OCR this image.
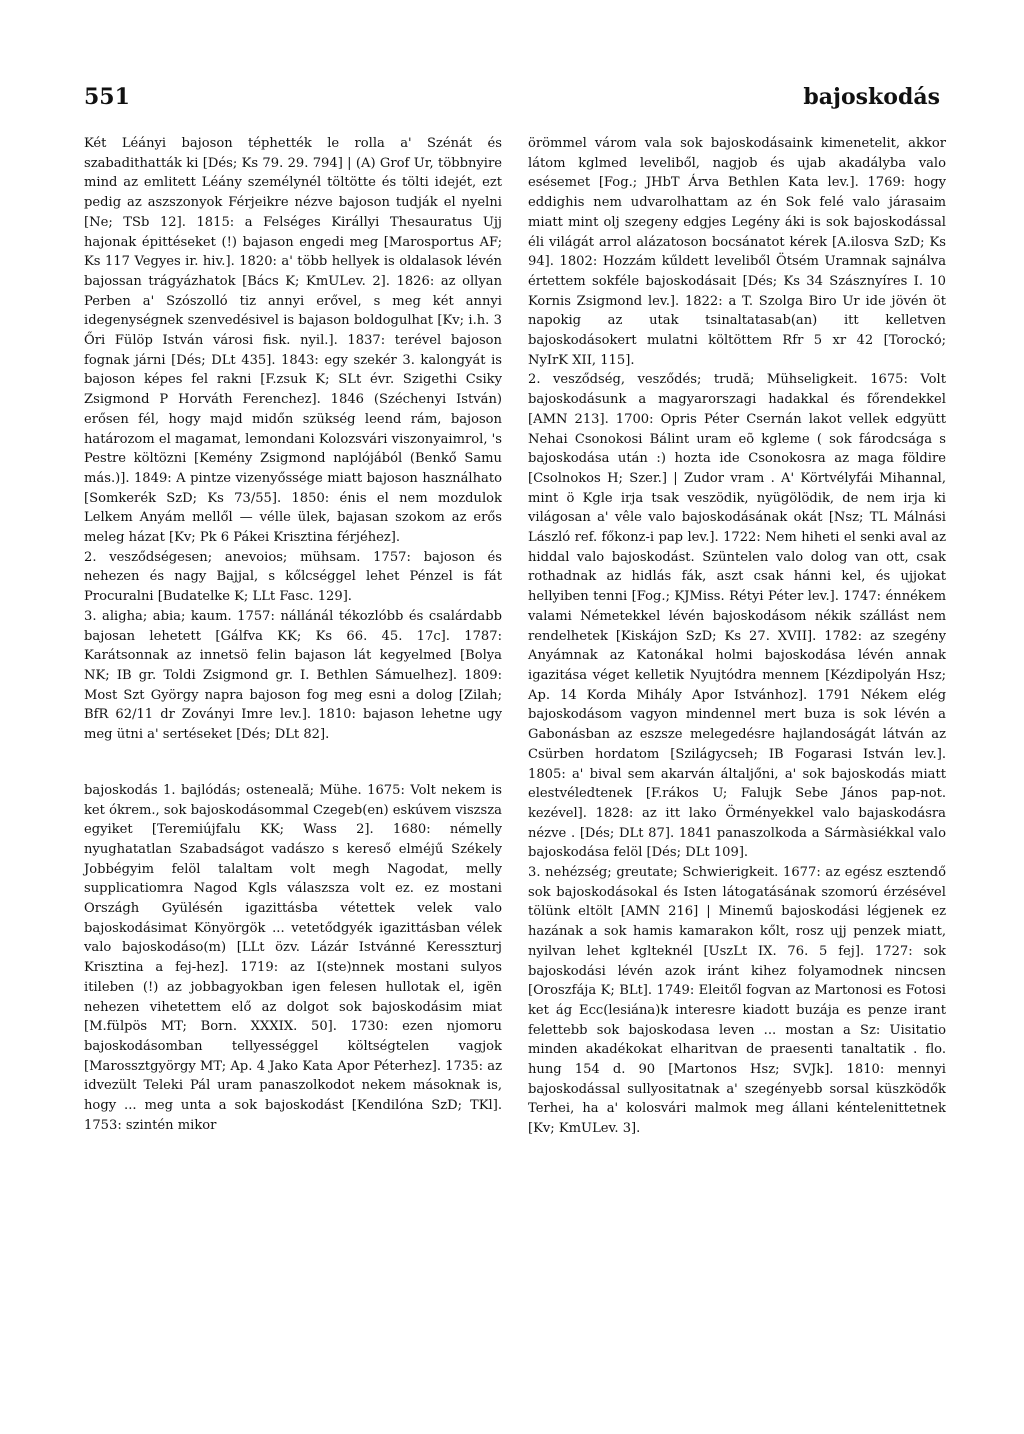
551	bajoskodás

Két Léányi bajoson téphették le rolla a' Szénát és szabadithatták ki [Dés; Ks 79. 29. 794] | (A) Grof Ur, többnyire mind az emlitett Léány személynél töltötte és tölti idejét, ezt pedig az aszszonyok Férjeikre nézve bajoson tudják el nyelni [Ne; TSb 12]. 1815: a Felséges Királlyi Thesauratus Ujj hajonak épittéseket (!) bajason engedi meg [Marosportus AF; Ks 117 Vegyes ir. hiv.]. 1820: a' több hellyek is oldalasok lévén bajossan trágyázhatok [Bács K; KmULev. 2]. 1826: az ollyan Perben a' Szószolló tiz annyi erővel, s meg két annyi idegenységnek szenvedésivel is bajason boldogulhat [Kv; i.h. 3 Őri Fülöp István városi fisk. nyil.]. 1837: terével bajoson fognak járni [Dés; DLt 435]. 1843: egy szekér 3. kalongyát is bajoson képes fel rakni [F.zsuk K; SLt évr. Szigethi Csiky Zsigmond P Horváth Ferenchez]. 1846 (Széchenyi István) erősen fél, hogy majd midőn szükség leend rám, bajoson határozom el magamat, lemondani Kolozsvári viszonyaimrol, 's Pestre költözni [Kemény Zsigmond naplójából (Benkő Samu más.)]. 1849: A pintze vizenyőssége miatt bajoson használhato [Somkerék SzD; Ks 73/55]. 1850: énis el nem mozdulok Lelkem Anyám mellől — vélle ülek, bajasan szokom az erős meleg házat [Kv; Pk 6 Pákei Krisztina férjéhez].

2. vesződségesen; anevoios; mühsam. 1757: bajoson és nehezen és nagy Bajjal, s kőlcséggel lehet Pénzel is fát Procuralni [Budatelke K; LLt Fasc. 129].

3. aligha; abia; kaum. 1757: nállánál tékozlóbb és csalárdabb bajosan lehetett [Gálfva KK; Ks 66. 45. 17c]. 1787: Karátsonnak az innetsö felin bajason lát kegyelmed [Bolya NK; IB gr. Toldi Zsigmond gr. I. Bethlen Sámuelhez]. 1809: Most Szt György napra bajoson fog meg esni a dolog [Zilah; BfR 62/11 dr Zoványi Imre lev.]. 1810: bajason lehetne ugy meg ütni a' sertéseket [Dés; DLt 82].

bajoskodás 1. bajlódás; osteneală; Mühe. 1675: Volt nekem is ket ókrem., sok bajoskodásommal Czegeb(en) eskúvem viszsza egyiket [Teremiújfalu KK; Wass 2]. 1680: némelly nyughatatlan Szabadságot vadászo s kereső elméjű Székely Jobbégyim felöl talaltam volt megh Nagodat, melly supplicatiomra Nagod Kgls válaszsza volt ez. ez mostani Országh Gyülésén igazittásba vétettek velek valo bajoskodásimat Könyörgök ... vetetődgyék igazittásban vélek valo bajoskodáso(m) [LLt özv. Lázár Istvánné Keresszturj Krisztina a fej-hez]. 1719: az I(ste)nnek mostani sulyos itileben (!) az jobbagyokban igen felesen hullotak el, igën nehezen vihetettem elő az dolgot sok bajoskodásim miat [M.fülpös MT; Born. XXXIX. 50]. 1730: ezen njomoru bajoskodásomban tellyességgel költségtelen vagjok [Marossztgyörgy MT; Ap. 4 Jako Kata Apor Péterhez]. 1735: az idvezült Teleki Pál uram panaszolkodot nekem másoknak is, hogy ... meg unta a sok bajoskodást [Kendilóna SzD; TKl]. 1753: szintén mikor

örömmel várom vala sok bajoskodásaink kimenetelit, akkor látom kglmed leveliből, nagjob és ujab akadályba valo esésemet [Fog.; JHbT Árva Bethlen Kata lev.]. 1769: hogy eddighis nem udvarolhattam az én Sok felé valo járasaim miatt mint olj szegeny edgjes Legény áki is sok bajoskodással éli világát arrol alázatoson bocsánatot kérek [A.ilosva SzD; Ks 94]. 1802: Hozzám kűldett leveliből Ötsém Uramnak sajnálva értettem sokféle bajoskodásait [Dés; Ks 34 Szásznyíres I. 10 Kornis Zsigmond lev.]. 1822: a T. Szolga Biro Ur ide jövén öt napokig az utak tsinaltatasab(an) itt kelletven bajoskodásokert mulatni költöttem Rfr 5 xr 42 [Torockó; NyIrK XII, 115].

2. vesződség, vesződés; trudă; Mühseligkeit. 1675: Volt bajoskodásunk a magyarorszagi hadakkal és főrendekkel [AMN 213]. 1700: Opris Péter Csernán lakot vellek edgyütt Nehai Csonokosi Bálint uram eõ kgleme ( sok fárodcsága s bajoskodása után :) hozta ide Csonokosra az maga földire [Csolnokos H; Szer.] | Zudor vram . A' Körtvélyfái Mihannal, mint ö Kgle irja tsak veszödik, nyügölödik, de nem irja ki világosan a' vêle valo bajoskodásának okát [Nsz; TL Málnási László ref. főkonz-i pap lev.]. 1722: Nem hiheti el senki aval az hiddal valo bajoskodást. Szüntelen valo dolog van ott, csak rothadnak az hidlás fák, aszt csak hánni kel, és ujjokat hellyiben tenni [Fog.; KJMiss. Rétyi Péter lev.]. 1747: énnékem valami Németekkel lévén bajoskodásom nékik szállást nem rendelhetek [Kiskájon SzD; Ks 27. XVII]. 1782: az szegény Anyámnak az Katonákal holmi bajoskodása lévén annak igazitása véget kelletik Nyujtódra mennem [Kézdipolyán Hsz; Ap. 14 Korda Mihály Apor Istvánhoz]. 1791 Nékem elég bajoskodásom vagyon mindennel mert buza is sok lévén a Gabonásban az eszsze melegedésre hajlandoságát látván az Csürben hordatom [Szilágycseh; IB Fogarasi István lev.]. 1805: a' bival sem akarván általjőni, a' sok bajoskodás miatt elestvéledtenek [F.rákos U; Falujk Sebe János pap-not. kezével]. 1828: az itt lako Örményekkel valo bajaskodásra nézve . [Dés; DLt 87]. 1841 panaszolkoda a Sármàsiékkal valo bajoskodása felöl [Dés; DLt 109].

3. nehézség; greutate; Schwierigkeit. 1677: az egész esztendő sok bajoskodásokal és Isten látogatásának szomorú érzésével tölünk eltölt [AMN 216] | Minemű bajoskodási légjenek ez hazának a sok hamis kamarakon kőlt, rosz ujj penzek miatt, nyilvan lehet kglteknél [UszLt IX. 76. 5 fej]. 1727: sok bajoskodási lévén azok iránt kihez folyamodnek nincsen [Oroszfája K; BLt]. 1749: Eleitől fogvan az Martonosi es Fotosi ket ág Ecc(lesiána)k interesre kiadott buzája es penze irant felettebb sok bajoskodasa leven ... mostan a Sz: Uisitatio minden akadékokat elharitvan de praesenti tanaltatik . flo. hung 154 d. 90 [Martonos Hsz; SVJk]. 1810: mennyi bajoskodással sullyositatnak a' szegényebb sorsal küszködők Terhei, ha a' kolosvári malmok meg állani kéntelenittetnek [Kv; KmULev. 3].
